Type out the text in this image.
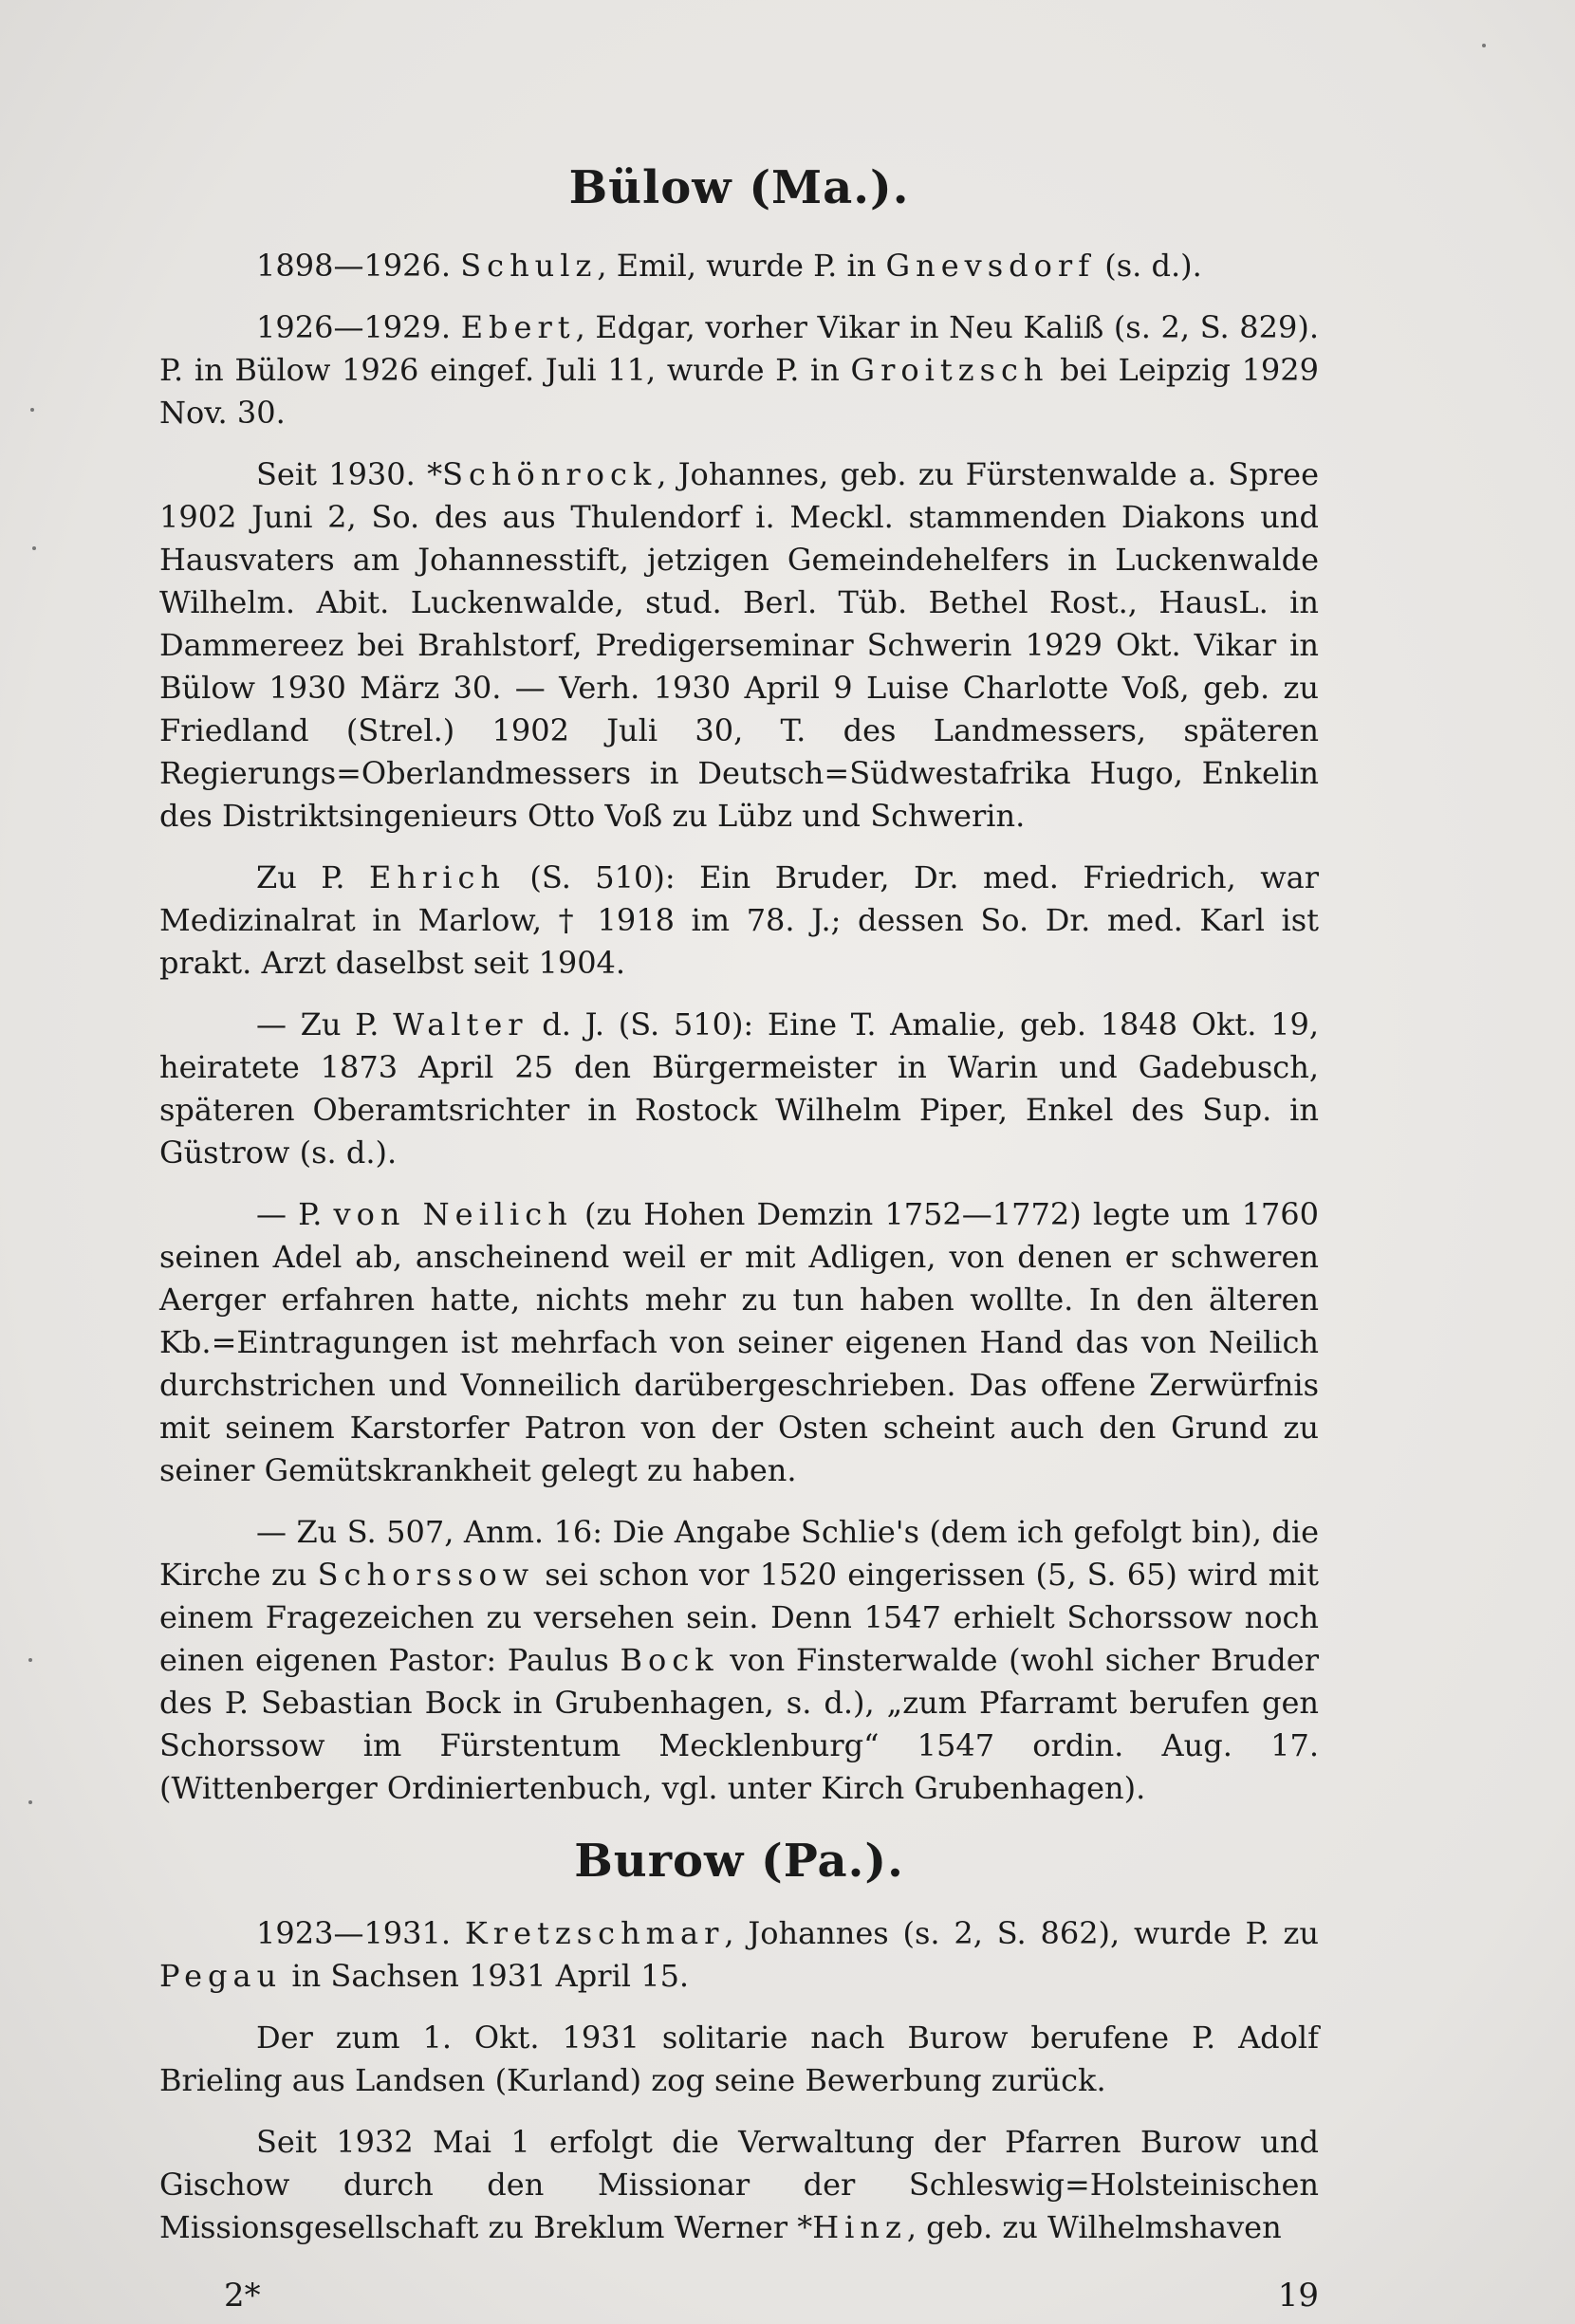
Bülow (Ma.).

1898—1926. Schulz, Emil, wurde P. in Gnevsdorf (s. d.).

1926—1929. Ebert, Edgar, vorher Vikar in Neu Kaliß (s. 2, S. 829). P. in Bülow 1926 eingef. Juli 11, wurde P. in Groitzsch bei Leipzig 1929 Nov. 30.

Seit 1930. *Schönrock, Johannes, geb. zu Fürstenwalde a. Spree 1902 Juni 2, So. des aus Thulendorf i. Meckl. stammenden Diakons und Hausvaters am Johannesstift, jetzigen Gemeindehelfers in Luckenwalde Wilhelm. Abit. Luckenwalde, stud. Berl. Tüb. Bethel Rost., HausL. in Dammereez bei Brahlstorf, Predigerseminar Schwerin 1929 Okt. Vikar in Bülow 1930 März 30. — Verh. 1930 April 9 Luise Charlotte Voß, geb. zu Friedland (Strel.) 1902 Juli 30, T. des Landmessers, späteren Regierungs=Oberlandmessers in Deutsch=Südwestafrika Hugo, Enkelin des Distriktsingenieurs Otto Voß zu Lübz und Schwerin.

Zu P. Ehrich (S. 510): Ein Bruder, Dr. med. Friedrich, war Medizinalrat in Marlow, † 1918 im 78. J.; dessen So. Dr. med. Karl ist prakt. Arzt daselbst seit 1904.

— Zu P. Walter d. J. (S. 510): Eine T. Amalie, geb. 1848 Okt. 19, heiratete 1873 April 25 den Bürgermeister in Warin und Gadebusch, späteren Oberamtsrichter in Rostock Wilhelm Piper, Enkel des Sup. in Güstrow (s. d.).

— P. von Neilich (zu Hohen Demzin 1752—1772) legte um 1760 seinen Adel ab, anscheinend weil er mit Adligen, von denen er schweren Aerger erfahren hatte, nichts mehr zu tun haben wollte. In den älteren Kb.=Eintragungen ist mehrfach von seiner eigenen Hand das von Neilich durchstrichen und Vonneilich darübergeschrieben. Das offene Zerwürfnis mit seinem Karstorfer Patron von der Osten scheint auch den Grund zu seiner Gemütskrankheit gelegt zu haben.

— Zu S. 507, Anm. 16: Die Angabe Schlie's (dem ich gefolgt bin), die Kirche zu Schorssow sei schon vor 1520 eingerissen (5, S. 65) wird mit einem Fragezeichen zu versehen sein. Denn 1547 erhielt Schorssow noch einen eigenen Pastor: Paulus Bock von Finsterwalde (wohl sicher Bruder des P. Sebastian Bock in Grubenhagen, s. d.), „zum Pfarramt berufen gen Schorssow im Fürstentum Mecklenburg“ 1547 ordin. Aug. 17. (Wittenberger Ordiniertenbuch, vgl. unter Kirch Grubenhagen).

Burow (Pa.).

1923—1931. Kretzschmar, Johannes (s. 2, S. 862), wurde P. zu Pegau in Sachsen 1931 April 15.

Der zum 1. Okt. 1931 solitarie nach Burow berufene P. Adolf Brieling aus Landsen (Kurland) zog seine Bewerbung zurück.

Seit 1932 Mai 1 erfolgt die Verwaltung der Pfarren Burow und Gischow durch den Missionar der Schleswig=Holsteinischen Missionsgesellschaft zu Breklum Werner *Hinz, geb. zu Wilhelmshaven

2*	19
